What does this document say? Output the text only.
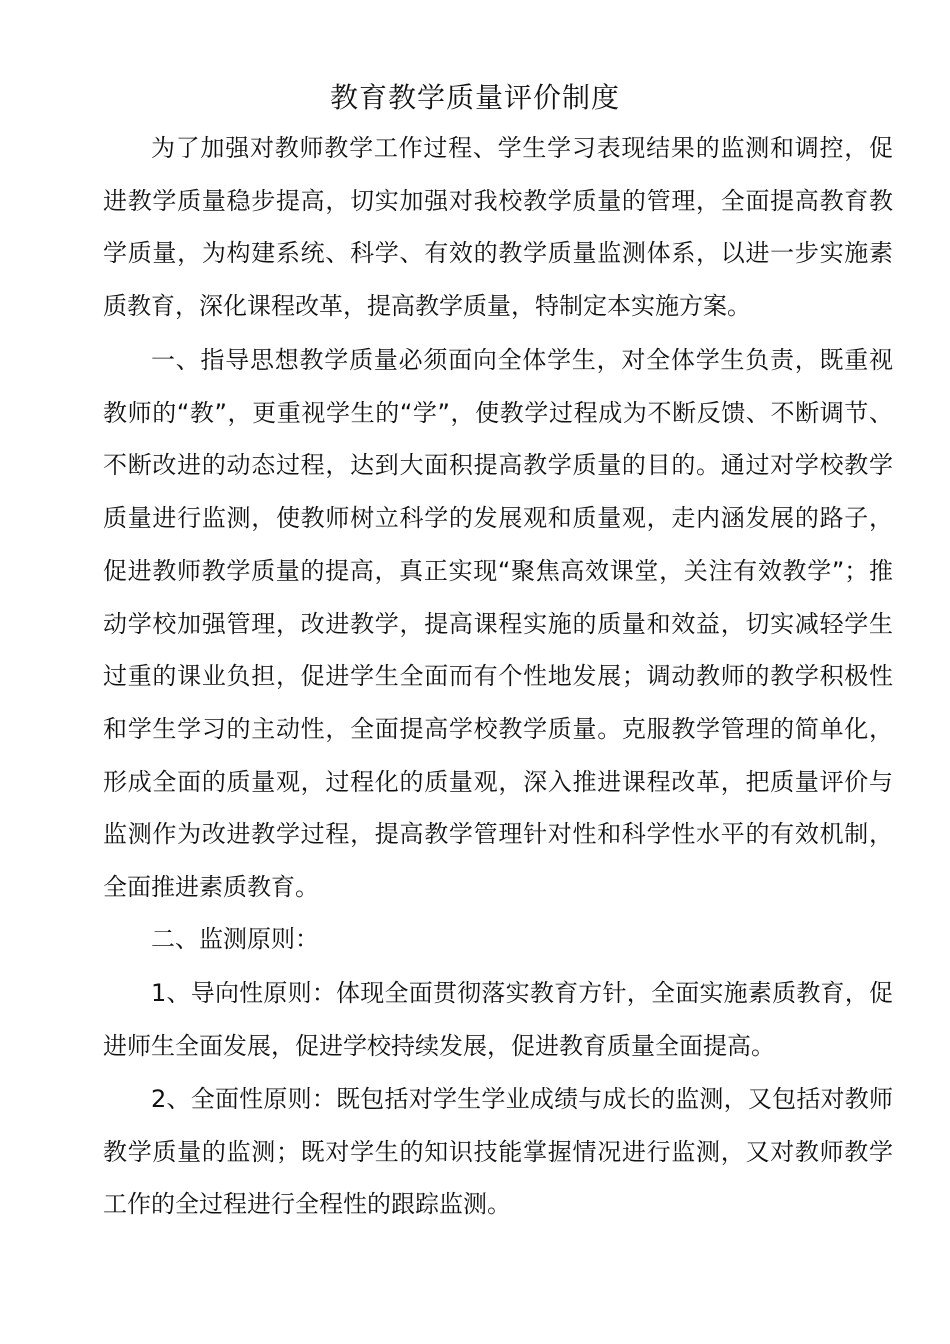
教育教学质量评价制度

为了加强对教师教学工作过程、学生学习表现结果的监测和调控，促进教学质量稳步提高，切实加强对我校教学质量的管理，全面提高教育教学质量，为构建系统、科学、有效的教学质量监测体系，以进一步实施素质教育，深化课程改革，提高教学质量，特制定本实施方案。

一、指导思想教学质量必须面向全体学生，对全体学生负责，既重视教师的“教”，更重视学生的“学”，使教学过程成为不断反馈、不断调节、不断改进的动态过程，达到大面积提高教学质量的目的。通过对学校教学质量进行监测，使教师树立科学的发展观和质量观，走内涵发展的路子，促进教师教学质量的提高，真正实现“聚焦高效课堂，关注有效教学”；推动学校加强管理，改进教学，提高课程实施的质量和效益，切实减轻学生过重的课业负担，促进学生全面而有个性地发展；调动教师的教学积极性和学生学习的主动性，全面提高学校教学质量。克服教学管理的简单化，形成全面的质量观，过程化的质量观，深入推进课程改革，把质量评价与监测作为改进教学过程，提高教学管理针对性和科学性水平的有效机制，全面推进素质教育。

二、监测原则：

1、导向性原则：体现全面贯彻落实教育方针，全面实施素质教育，促进师生全面发展，促进学校持续发展，促进教育质量全面提高。

2、全面性原则：既包括对学生学业成绩与成长的监测，又包括对教师教学质量的监测；既对学生的知识技能掌握情况进行监测，又对教师教学工作的全过程进行全程性的跟踪监测。
